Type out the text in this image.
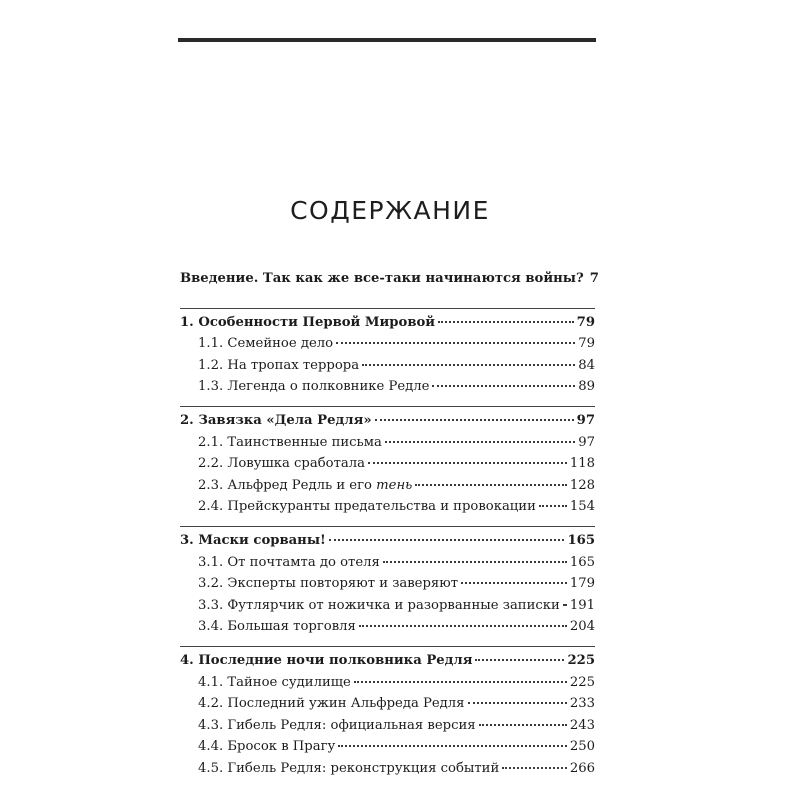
СОДЕРЖАНИЕ
Введение. Так как же все-таки начинаются войны? 7
1. Особенности Первой Мировой	79
1.1. Семейное дело	79
1.2. На тропах террора	84
1.3. Легенда о полковнике Редле	89
2. Завязка «Дела Редля»	97
2.1. Таинственные письма	97
2.2. Ловушка сработала	118
2.3. Альфред Редль и его тень	128
2.4. Прейскуранты предательства и провокации	154
3. Маски сорваны!	165
3.1. От почтамта до отеля	165
3.2. Эксперты повторяют и заверяют	179
3.3. Футлярчик от ножичка и разорванные записки 191
3.4. Большая торговля	204
4. Последние ночи полковника Редля	225
4.1. Тайное судилище	225
4.2. Последний ужин Альфреда Редля	233
4.3. Гибель Редля: официальная версия	243
4.4. Бросок в Прагу	250
4.5. Гибель Редля: реконструкция событий	266
